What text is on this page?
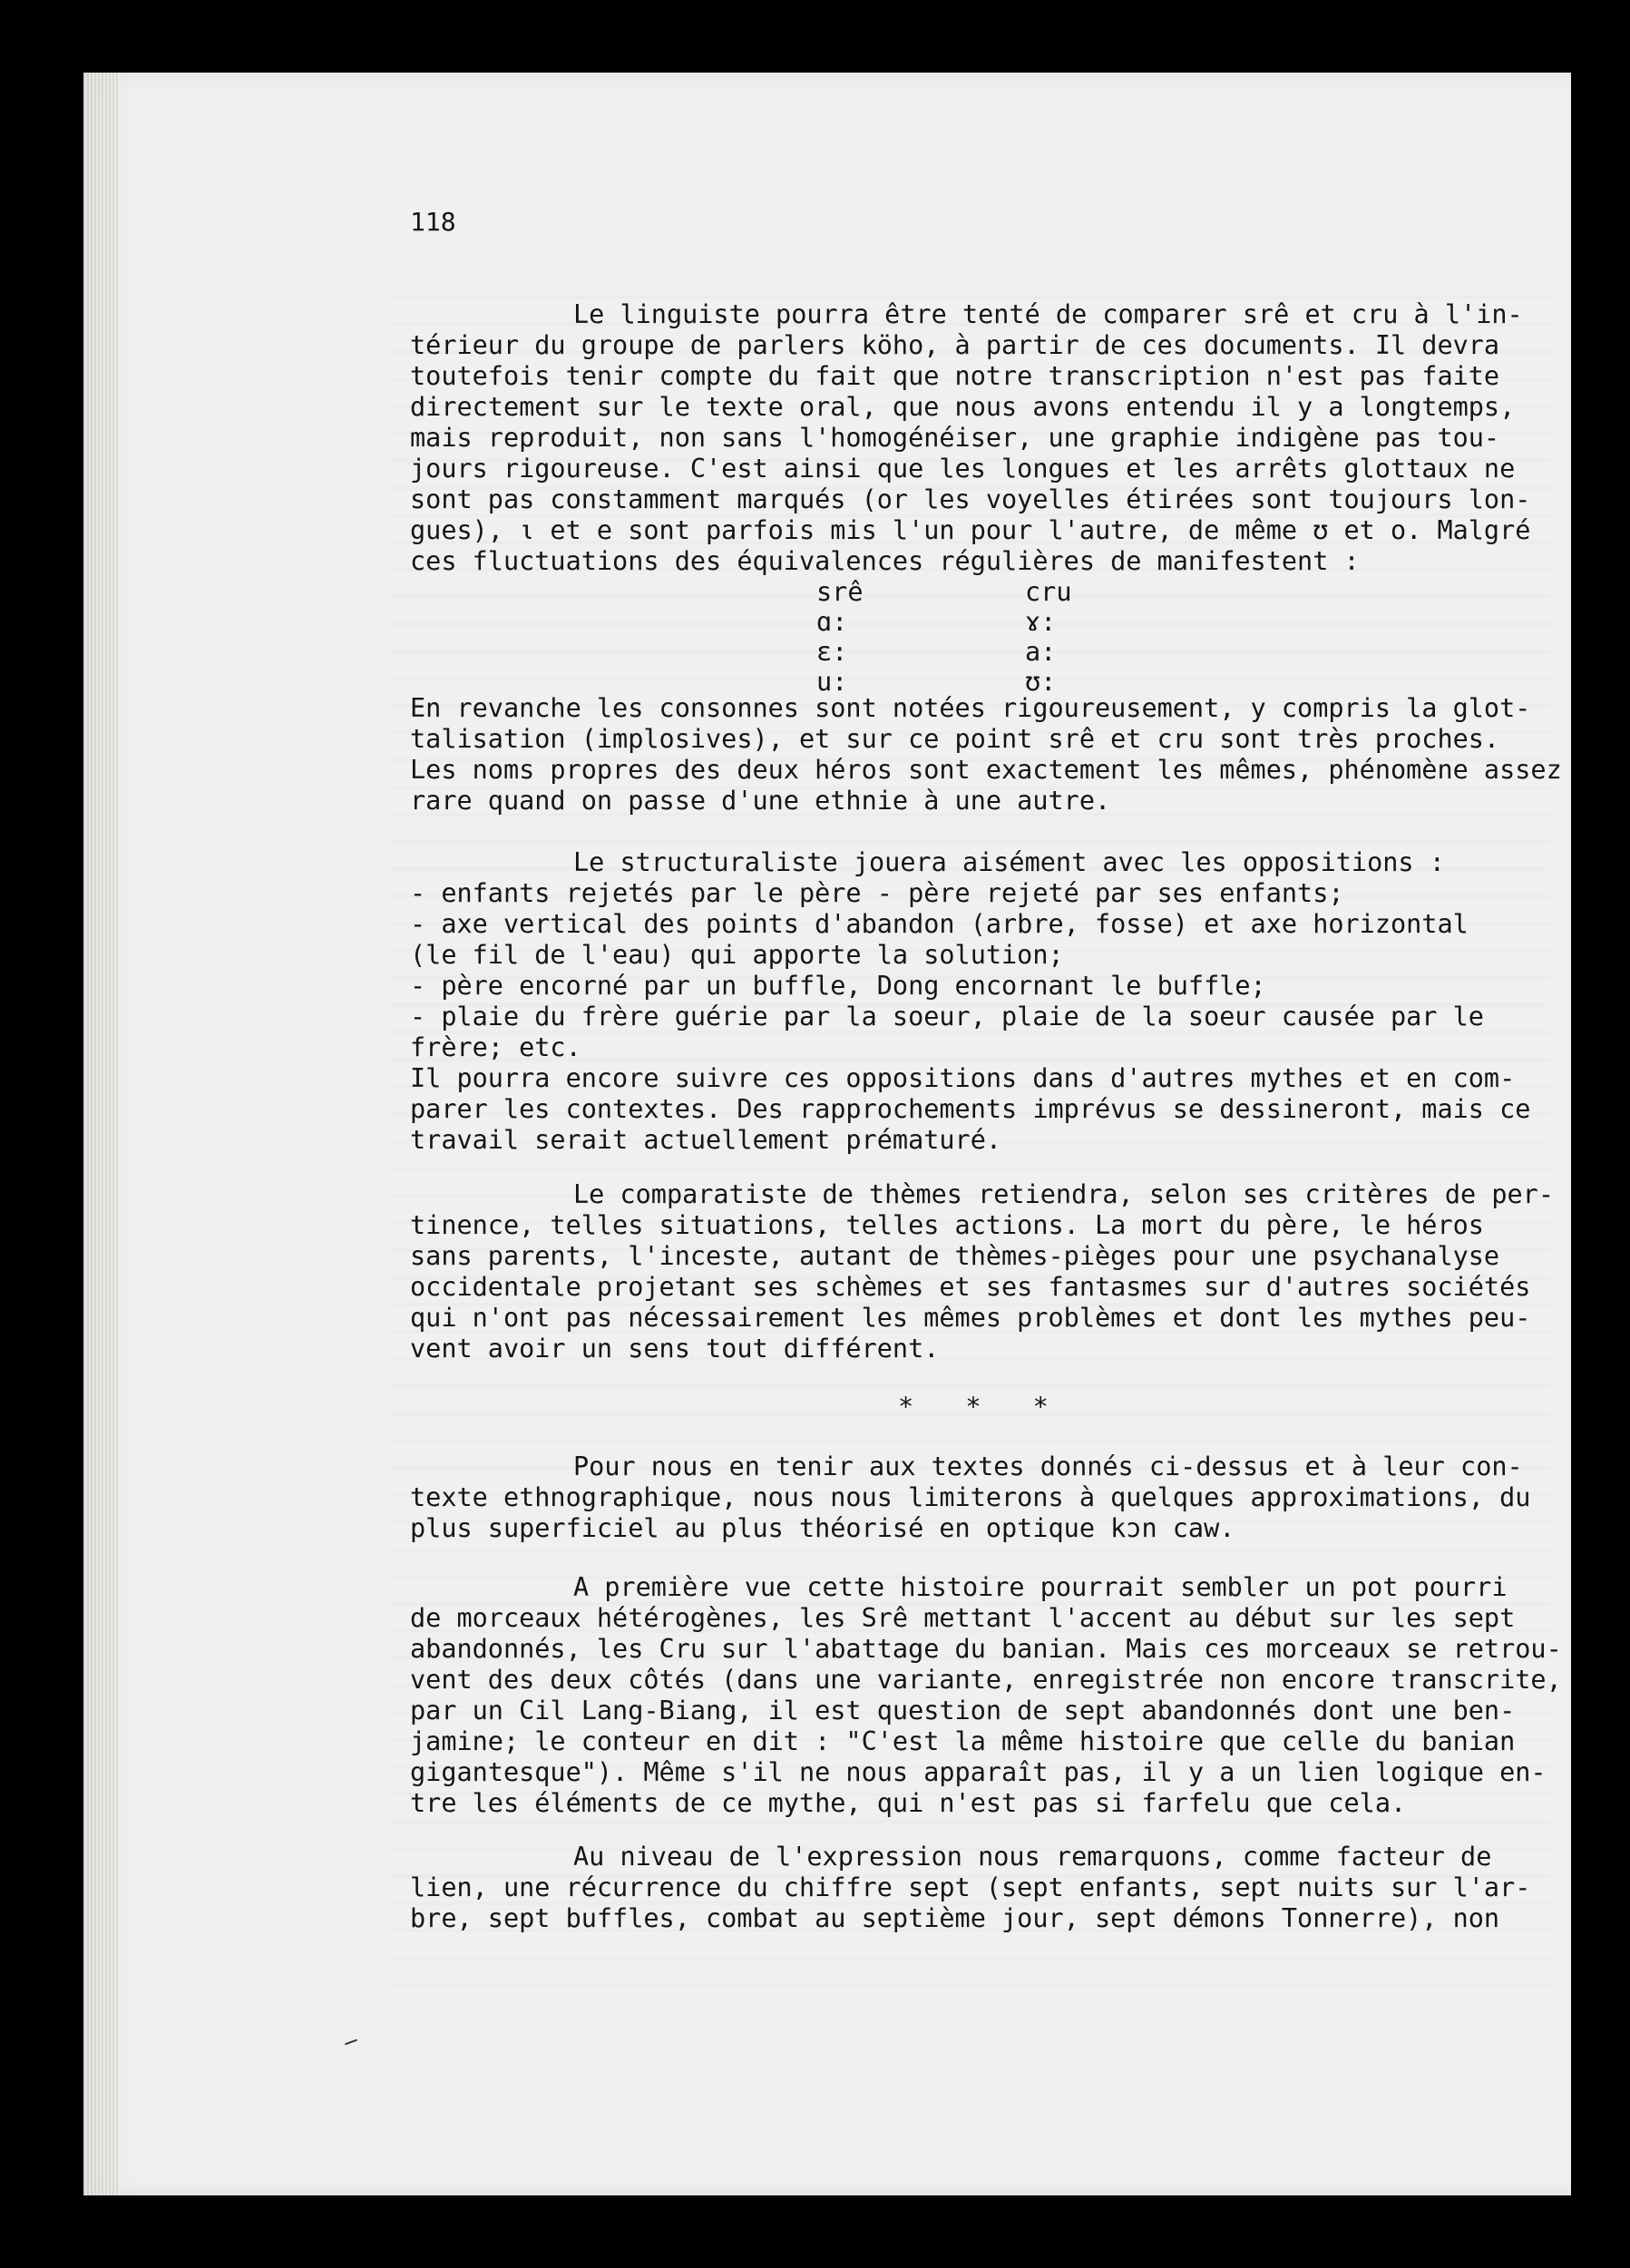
118
Le linguiste pourra être tenté de comparer srê et cru à l'in-
térieur du groupe de parlers köho, à partir de ces documents. Il devra
toutefois tenir compte du fait que notre transcription n'est pas faite
directement sur le texte oral, que nous avons entendu il y a longtemps,
mais reproduit, non sans l'homogénéiser, une graphie indigène pas tou-
jours rigoureuse. C'est ainsi que les longues et les arrêts glottaux ne
sont pas constamment marqués (or les voyelles étirées sont toujours lon-
gues), ι et e sont parfois mis l'un pour l'autre, de même ʊ et o. Malgré
ces fluctuations des équivalences régulières de manifestent :
srê
ɑ:
ɛ:
u:
cru
ɤ:
a:
ʊ:
En revanche les consonnes sont notées rigoureusement, y compris la glot-
talisation (implosives), et sur ce point srê et cru sont très proches.
Les noms propres des deux héros sont exactement les mêmes, phénomène assez
rare quand on passe d'une ethnie à une autre.
Le structuraliste jouera aisément avec les oppositions :
- enfants rejetés par le père - père rejeté par ses enfants;
- axe vertical des points d'abandon (arbre, fosse) et axe horizontal
(le fil de l'eau) qui apporte la solution;
- père encorné par un buffle, Dong encornant le buffle;
- plaie du frère guérie par la soeur, plaie de la soeur causée par le
frère; etc.
Il pourra encore suivre ces oppositions dans d'autres mythes et en com-
parer les contextes. Des rapprochements imprévus se dessineront, mais ce
travail serait actuellement prématuré.
Le comparatiste de thèmes retiendra, selon ses critères de per-
tinence, telles situations, telles actions. La mort du père, le héros
sans parents, l'inceste, autant de thèmes-pièges pour une psychanalyse
occidentale projetant ses schèmes et ses fantasmes sur d'autres sociétés
qui n'ont pas nécessairement les mêmes problèmes et dont les mythes peu-
vent avoir un sens tout différent.
* * *
Pour nous en tenir aux textes donnés ci-dessus et à leur con-
texte ethnographique, nous nous limiterons à quelques approximations, du
plus superficiel au plus théorisé en optique kɔn caw.
A première vue cette histoire pourrait sembler un pot pourri
de morceaux hétérogènes, les Srê mettant l'accent au début sur les sept
abandonnés, les Cru sur l'abattage du banian. Mais ces morceaux se retrou-
vent des deux côtés (dans une variante, enregistrée non encore transcrite,
par un Cil Lang-Biang, il est question de sept abandonnés dont une ben-
jamine; le conteur en dit : "C'est la même histoire que celle du banian
gigantesque"). Même s'il ne nous apparaît pas, il y a un lien logique en-
tre les éléments de ce mythe, qui n'est pas si farfelu que cela.
Au niveau de l'expression nous remarquons, comme facteur de
lien, une récurrence du chiffre sept (sept enfants, sept nuits sur l'ar-
bre, sept buffles, combat au septième jour, sept démons Tonnerre), non
